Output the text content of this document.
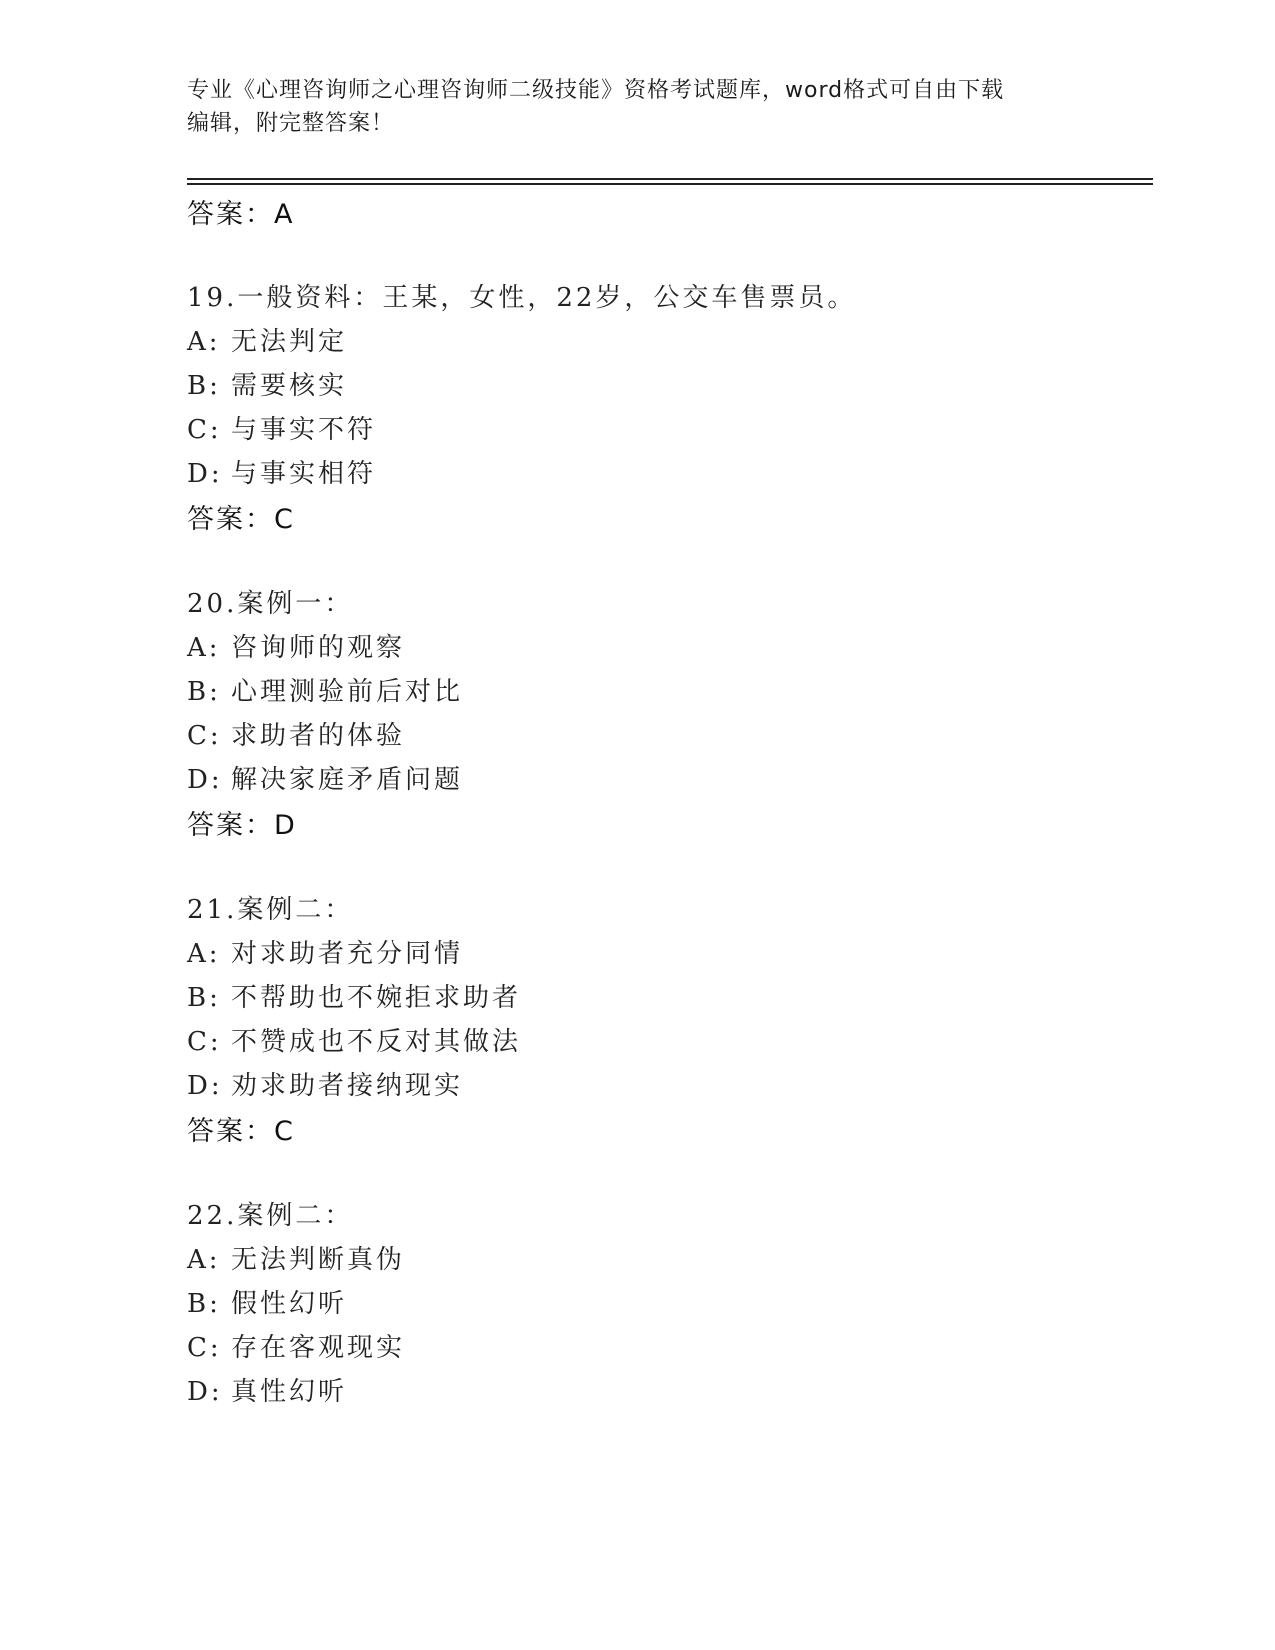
专业《心理咨询师之心理咨询师二级技能》资格考试题库，word格式可自由下载
编辑，附完整答案！
答案：A
19.一般资料：王某，女性，22岁，公交车售票员。
A: 无法判定
B: 需要核实
C: 与事实不符
D: 与事实相符
答案：C
20.案例一：
A: 咨询师的观察
B: 心理测验前后对比
C: 求助者的体验
D: 解决家庭矛盾问题
答案：D
21.案例二：
A: 对求助者充分同情
B: 不帮助也不婉拒求助者
C: 不赞成也不反对其做法
D: 劝求助者接纳现实
答案：C
22.案例二：
A: 无法判断真伪
B: 假性幻听
C: 存在客观现实
D: 真性幻听
